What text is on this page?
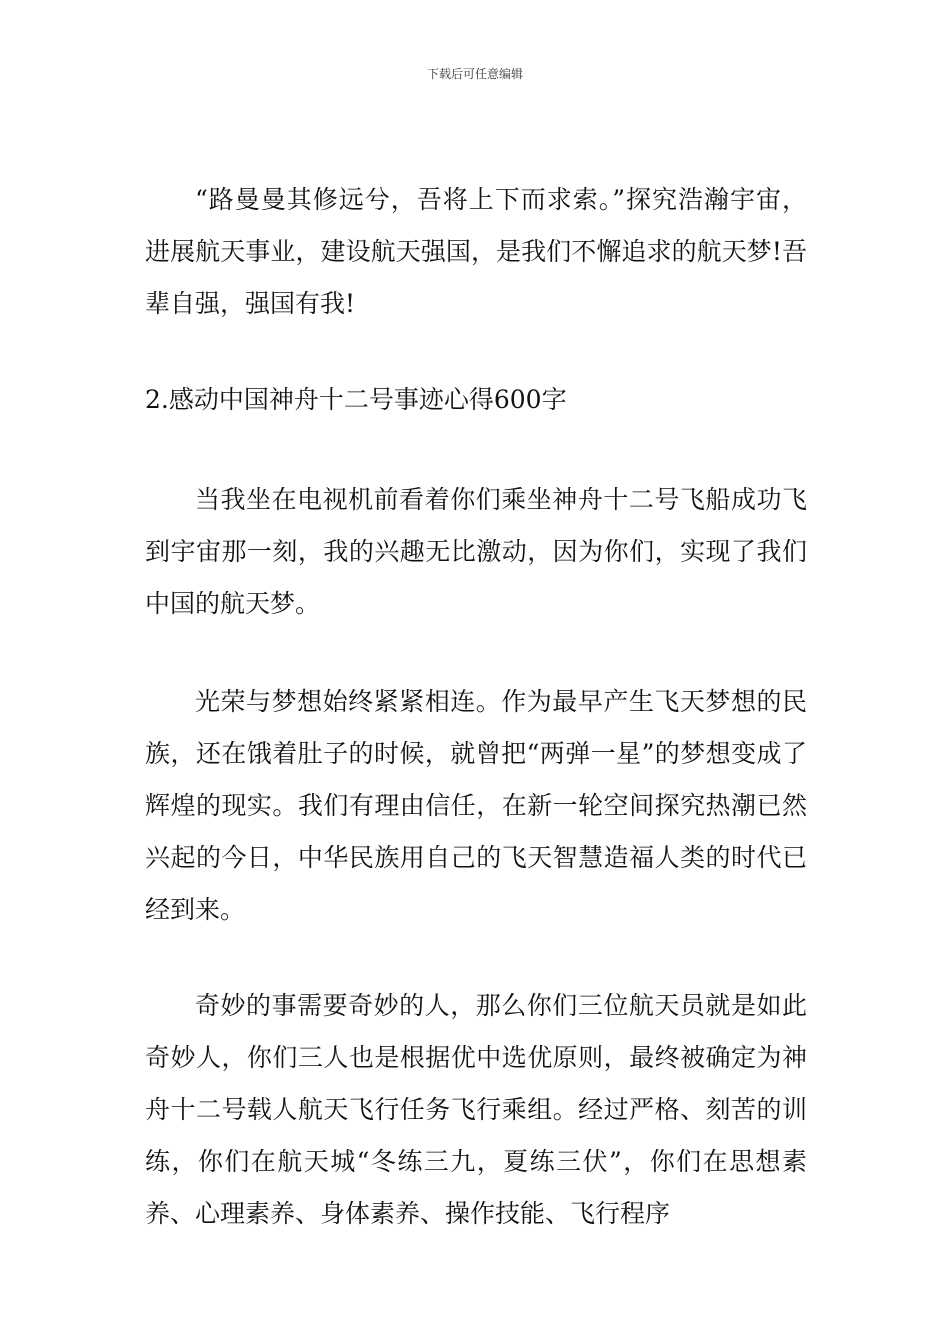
下载后可任意编辑

“路曼曼其修远兮，吾将上下而求索。”探究浩瀚宇宙，进展航天事业，建设航天强国，是我们不懈追求的航天梦!吾辈自强，强国有我!

2.感动中国神舟十二号事迹心得600字

当我坐在电视机前看着你们乘坐神舟十二号飞船成功飞到宇宙那一刻，我的兴趣无比激动，因为你们，实现了我们中国的航天梦。

光荣与梦想始终紧紧相连。作为最早产生飞天梦想的民族，还在饿着肚子的时候，就曾把“两弹一星”的梦想变成了辉煌的现实。我们有理由信任，在新一轮空间探究热潮已然兴起的今日，中华民族用自己的飞天智慧造福人类的时代已经到来。

奇妙的事需要奇妙的人，那么你们三位航天员就是如此奇妙人，你们三人也是根据优中选优原则，最终被确定为神舟十二号载人航天飞行任务飞行乘组。经过严格、刻苦的训练，你们在航天城“冬练三九，夏练三伏”，你们在思想素养、心理素养、身体素养、操作技能、飞行程序
